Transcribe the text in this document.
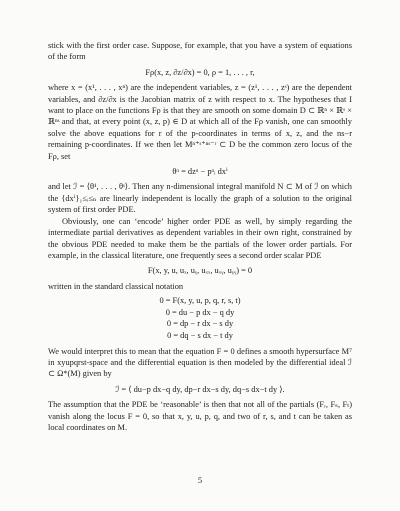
stick with the first order case. Suppose, for example, that you have a system of equations of the form

Fρ(x, z, ∂z/∂x) = 0, ρ = 1, . . . , r,

where x = (x¹, . . . , xⁿ) are the independent variables, z = (z¹, . . . , zˢ) are the dependent variables, and ∂z/∂x is the Jacobian matrix of z with respect to x. The hypotheses that I want to place on the functions Fρ is that they are smooth on some domain D ⊂ ℝⁿ × ℝˢ × ℝⁿˢ and that, at every point (x, z, p) ∈ D at which all of the Fρ vanish, one can smoothly solve the above equations for r of the p-coordinates in terms of x, z, and the ns−r remaining p-coordinates. If we then let Mⁿ⁺ˢ⁺ⁿˢ⁻ʳ ⊂ D be the common zero locus of the Fρ, set

θᵅ = dzᵅ − pᵅᵢ dxⁱ

and let ℐ = ⟨θ¹, . . . , θˢ⟩. Then any n-dimensional integral manifold N ⊂ M of ℐ on which the {dxⁱ}₁≤ᵢ≤ₙ are linearly independent is locally the graph of a solution to the original system of first order PDE.

Obviously, one can ‘encode’ higher order PDE as well, by simply regarding the intermediate partial derivatives as dependent variables in their own right, constrained by the obvious PDE needed to make them be the partials of the lower order partials. For example, in the classical literature, one frequently sees a second order scalar PDE

F(x, y, u, uₓ, uᵧ, uₓₓ, uₓᵧ, uᵧᵧ) = 0

written in the standard classical notation

0 = F(x, y, u, p, q, r, s, t)
0 = du − p dx − q dy
0 = dp − r dx − s dy
0 = dq − s dx − t dy

We would interpret this to mean that the equation F = 0 defines a smooth hypersurface M⁷ in xyupqrst-space and the differential equation is then modeled by the differential ideal ℐ ⊂ Ω*(M) given by

ℐ = ⟨ du−p dx−q dy, dp−r dx−s dy, dq−s dx−t dy ⟩.

The assumption that the PDE be ‘reasonable’ is then that not all of the partials (Fᵣ, Fₛ, Fₜ) vanish along the locus F = 0, so that x, y, u, p, q, and two of r, s, and t can be taken as local coordinates on M.

5
